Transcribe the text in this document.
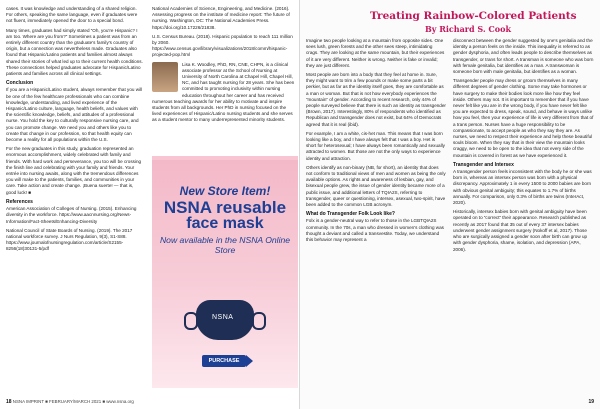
cases. It was knowledge and understanding of a shared religion. For others, speaking the same language, even if graduates were not fluent, immediately opened the door to a special bond.

Many times, graduates had simply stated “Oh, you’re Hispanic? I am too. Where are you from?” Sometimes a patient was from an entirely different country than the graduate’s family’s country of origin, but a connection was nevertheless made. Graduates also found that Hispanic/Latino patients and families almost always shared their stories of what led up to their current health conditions. These connections helped graduates advocate for Hispanic/Latino patients and families across all clinical settings.

Conclusion

If you are a Hispanic/Latino student, always remember that you will be one of the few healthcare professionals who can combine knowledge, understanding, and lived experience of the Hispanic/Latino culture, language, health beliefs, and values with the scientific knowledge, beliefs, and attitudes of a professional nurse. You hold the key to culturally responsive nursing care, and you can promote change. We need you and others like you to create that change in our profession, so that health equity can become a reality for all populations within the U.S.

For the new graduates in this study, graduation represented an enormous accomplishment, widely celebrated with family and friends. With hard work and perseverance, you too will be crossing the finish line and celebrating with your family and friends. Your entrée into nursing awaits, along with the tremendous differences you will make to the patients, families, and communities in your care. Take action and create change. ¡Buena suerte! — that is, good luck! ■

References

American Association of Colleges of Nursing. (2015). Enhancing diversity in the workforce. https://www.aacnnursing.org/News-Information/Fact-Sheets/Enhancing-Diversity

National Council of State Boards of Nursing. (2019). The 2017 national workforce survey. J Nurs Regulation, 9(3), S1-S88. https://www.journalofnursingregulation.com/article/S2155-8256(18)30131-5/pdf

National Academies of Science, Engineering, and Medicine. (2016). Assessing progress on the institute of medicine report: The future of nursing. Washington, DC: The National Academies Press. https://doi.org/10.17226/21838.

U.S. Census Bureau. (2018). Hispanic population to reach 111 million by 2060. https://www.census.gov/library/visualizations/2018/comm/hispanic-projected-pop.html

Lisa K. Woodley, PhD, RN, CNE, CHPN, is a clinical associate professor at the School of Nursing at University of North Carolina at Chapel Hill, Chapel Hill, NC, and has taught nursing for 28 years. She has been committed to promoting inclusivity within nursing education throughout her career and has received numerous teaching awards for her ability to motivate and inspire students from all backgrounds. Her PhD in nursing focused on the lived experiences of Hispanic/Latino nursing students and she serves as a student mentor to many underrepresented minority students.

New Store Item!
NSNA reusable
face mask
Now available in the NSNA Online Store
NSNA
PURCHASE
18 NSNA IMPRINT ■ FEBRUARY/MARCH 2021 ■ www.nsna.org
Treating Rainbow-Colored Patients
By Richard S. Cook

Imagine two people looking at a mountain from opposite sides. One sees lush, green forests and the other sees steep, intimidating crags. They are looking at the same mountain, but their experiences of it are very different. Neither is wrong. Neither is fake or invalid; they are just different.

Most people are born into a body that they feel at home in. Sure, they might want to trim a few pounds or make some parts a bit perkier, but as far as the identity itself goes, they are comfortable as a man or woman. But that is not how everybody experiences the “mountain” of gender. According to recent research, only 44% of people surveyed believe that there is such an identity as transgender (Brown, 2017). Interestingly, 80% of respondents who identified as Republican and transgender does not exist, but 64% of Democrats agreed that it is real (ibid).

For example, I am a white, cis-het man. This means that I was born looking like a boy, and I have always felt that I was a boy. Het is short for heterosexual; I have always been romantically and sexually attracted to women. But those are not the only ways to experience identity and attraction.

Others identify as non-binary (NB, for short), an identity that does not conform to traditional views of men and women as being the only available options. As rights and awareness of lesbian, gay, and bisexual people grew, the issue of gender identity became more of a public issue, and additional letters of TQIA2S, referring to transgender, queer or questioning, intersex, asexual, two-spirit, have been added to the common LGB acronym.

What do Transgender Folk Look like?

Folx is a gender-neutral way to refer to those in the LGBTQIA2S community. In the 70s, a man who dressed in women’s clothing was thought a deviant and called a transvestite. Today, we understand this behavior may represent a

disconnect between the gender suggested by one’s genitalia and the identity a person feels on the inside. This inequality is referred to as gender dysphoria, and often leads people to describe themselves as transgender, or trans for short. A transman is someone who was born with female genitalia, but identifies as a man. A transwoman is someone born with male genitalia, but identifies as a woman.

Transgender people may dress or groom themselves in many different degrees of gender clothing. Some may take hormones or have surgery to make their bodies look more like how they feel inside. Others may not. It is important to remember that if you have never felt like you are in the wrong body, if you have never felt like you are expected to dress, speak, sound, and behave in ways unlike how you feel, then your experience of life is very different from that of a trans person. Nurses have a huge responsibility to be compassionate, to accept people as who they say they are. As nurses, we need to respect their experience and help these beautiful souls bloom. When they say that in their view the mountain looks craggy, we need to be open to the idea that not every side of the mountain is covered in forest as we have experienced it.

Transgender and Intersex

A transgender person feels inconsistent with the body he or she was born in, whereas an intersex person was born with a physical discrepancy. Approximately 1 in every 1500 to 2000 babies are born with obvious genital ambiguity; this equates to 1.7% of births annually. For comparison, only 0.3% of births are twins (InterAct, 2020).

Historically, intersex babies born with genital ambiguity have been operated on to “correct” their appearance. Research published as recently as 2017 found that 35 out of every 37 intersex babies underwent gender assignment surgery (Nokoff et al, 2017). Those who are surgically assigned a gender soon after birth can grow up with gender dysphoria, shame, isolation, and depression (APA, 2006).

19
